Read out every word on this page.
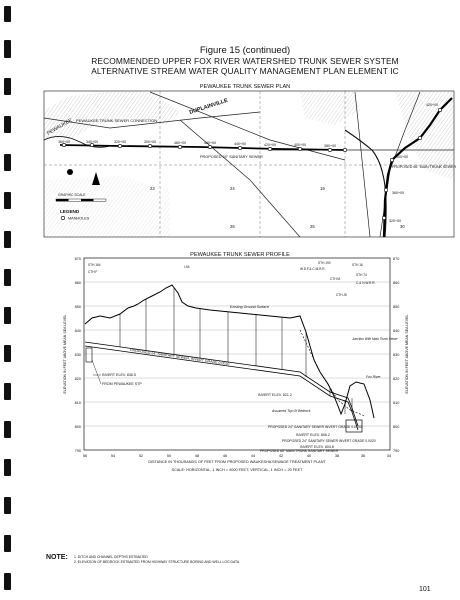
Figure 15 (continued)
RECOMMENDED UPPER FOX RIVER WATERSHED TRUNK SEWER SYSTEM
ALTERNATIVE STREAM WATER QUALITY MANAGEMENT PLAN ELEMENT IC
PEWAUKEE TRUNK SEWER PLAN
PEWAUKEE TRUNK SEWER CONNECTION
DUPLAINVILLE
PEWAUKEE
PROPOSED 24" SANITARY SEWER
PROPOSED 66" MAIN TRUNK SEWER
360+00	340+00	320+00	300+00	480+00	460+00	440+00	420+00	400+00	380+00
360+00
320+00
400+00
420+00
23	24	19
26	25	30
GRAPHIC SCALE
LEGEND
MANHOLES
PEWAUKEE TRUNK SEWER PROFILE
870
860
850
840
830
820
810
800
790
870
860
850
840
830
820
810
800
790
56	54	52	50	48	46	44	42	40	38	36	34
ELEVATION IN FEET ABOVE MEAN SEA LEVEL	ELEVATION IN FEET ABOVE MEAN SEA LEVEL
DISTANCE IN THOUSANDS OF FEET FROM PROPOSED WAUKESHA SEWAGE TREATMENT PLANT
SCALE: HORIZONTAL, 1 INCH = 4000 FEET; VERTICAL, 1 INCH = 20 FEET
Existing Ground Surface
PROPOSED 24" SANITARY SEWER, INVERT GRADE 0.0010
INVERT ELEV. 836.5
FROM PEWAUKEE STP
INVERT ELEV. 821.2
Assumed Top Of Bedrock
PROPOSED 24" SANITARY SEWER INVERT GRADE 0.0100
INVERT ELEV. 806.2
PROPOSED 24" SANITARY SEWER INVERT GRADE 0.0020
INVERT ELEV. 804.8
PROPOSED 66" MAIN TRUNK SANITARY SEWER
Fox River
Junction With Main Trunk Sewer
STH 164
CTH F
I-94	W.D.F.& C.M.R.R.
STH 190
CTH M
CTH JK
STH 16
STH 74
C.& N.W.R.R.
NOTE: 1. DITCH AND CHANNEL DEPTHS ESTIMATED
2. ELEVATION OF BEDROCK ESTIMATED FROM HIGHWAY STRUCTURE BORING AND WELL LOG DATA
101
